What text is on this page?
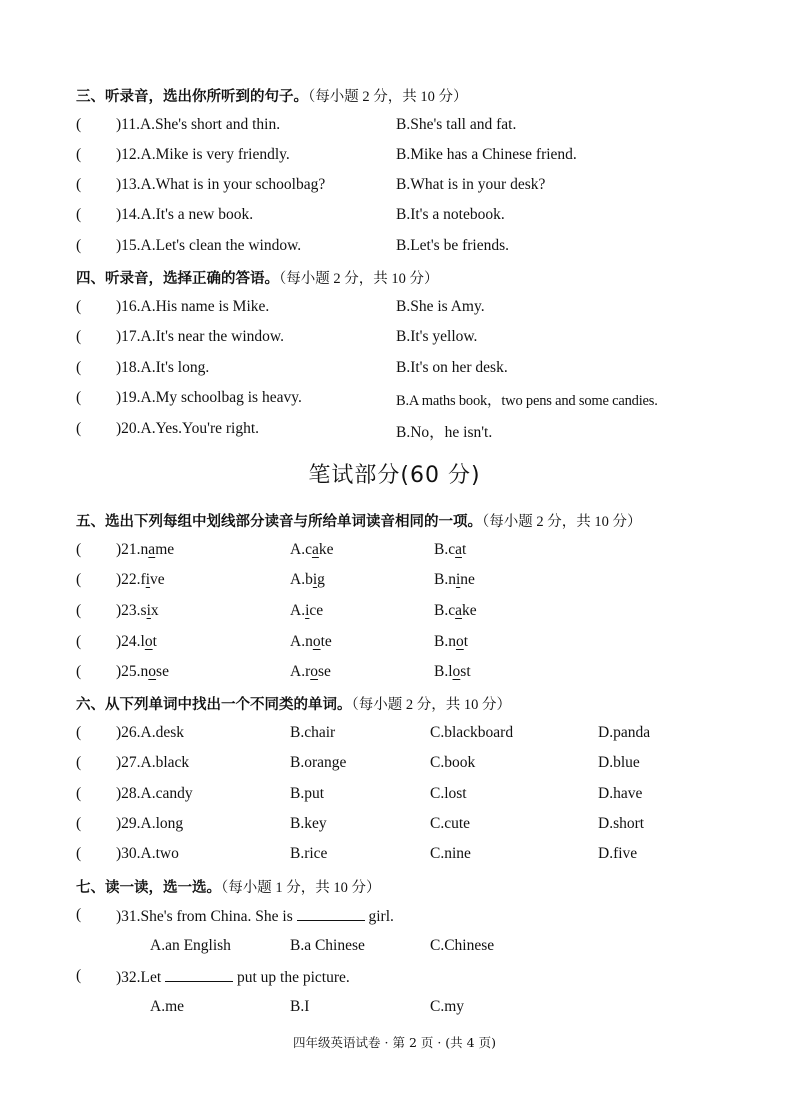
三、听录音，选出你所听到的句子。（每小题 2 分，共 10 分）
( )11.A.She's short and thin.	B.She's tall and fat.
( )12.A.Mike is very friendly.	B.Mike has a Chinese friend.
( )13.A.What is in your schoolbag?	B.What is in your desk?
( )14.A.It's a new book.	B.It's a notebook.
( )15.A.Let's clean the window.	B.Let's be friends.
四、听录音，选择正确的答语。（每小题 2 分，共 10 分）
( )16.A.His name is Mike.	B.She is Amy.
( )17.A.It's near the window.	B.It's yellow.
( )18.A.It's long.	B.It's on her desk.
( )19.A.My schoolbag is heavy.	B.A maths book，two pens and some candies.
( )20.A.Yes.You're right.	B.No，he isn't.
笔试部分(60 分)
五、选出下列每组中划线部分读音与所给单词读音相同的一项。（每小题 2 分，共 10 分）
( )21.name	A.cake	B.cat
( )22.five	A.big	B.nine
( )23.six	A.ice	B.cake
( )24.lot	A.note	B.not
( )25.nose	A.rose	B.lost
六、从下列单词中找出一个不同类的单词。（每小题 2 分，共 10 分）
( )26.A.desk	B.chair	C.blackboard	D.panda
( )27.A.black	B.orange	C.book	D.blue
( )28.A.candy	B.put	C.lost	D.have
( )29.A.long	B.key	C.cute	D.short
( )30.A.two	B.rice	C.nine	D.five
七、读一读，选一选。（每小题 1 分，共 10 分）
( )31.She's from China. She is	girl.
A.an English	B.a Chinese	C.Chinese
( )32.Let	put up the picture.
A.me	B.I	C.my
四年级英语试卷 · 第 2 页 · (共 4 页)
